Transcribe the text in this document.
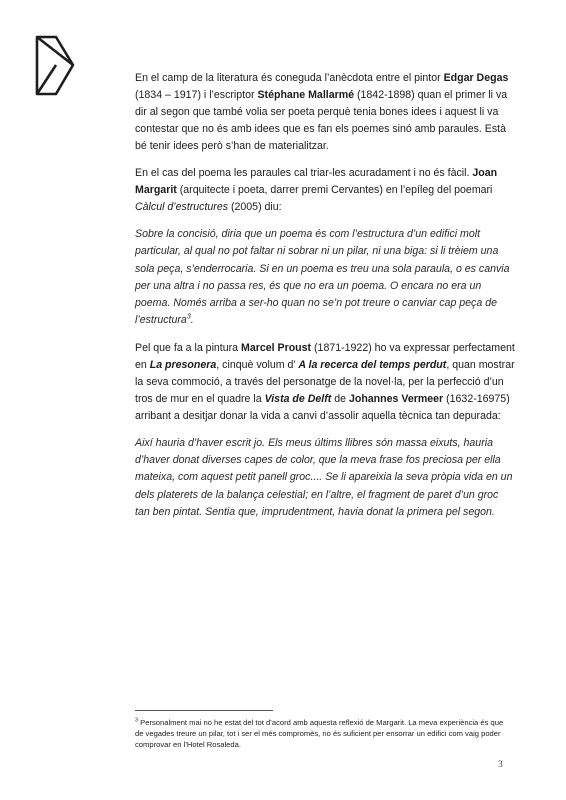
En el camp de la literatura és coneguda l’anècdota entre el pintor Edgar Degas (1834 – 1917) i l’escriptor Stéphane Mallarmé (1842-1898) quan el primer li va dir al segon que també volia ser poeta perquè tenia bones idees i aquest li va contestar que no és amb idees que es fan els poemes sinó amb paraules. Està bé tenir idees però s’han de materialitzar.

En el cas del poema les paraules cal triar-les acuradament i no és fàcil. Joan Margarit (arquitecte i poeta, darrer premi Cervantes) en l’epíleg del poemari Càlcul d’estructures (2005) diu:

Sobre la concisió, diria que un poema és com l’estructura d’un edifici molt particular, al qual no pot faltar ni sobrar ni un pilar, ni una biga: si li trèiem una sola peça, s’enderrocaria. Si en un poema es treu una sola paraula, o es canvia per una altra i no passa res, és que no era un poema. O encara no era un poema. Només arriba a ser-ho quan no se’n pot treure o canviar cap peça de l’estructura$^3$.

Pel que fa a la pintura Marcel Proust (1871-1922) ho va expressar perfectament en La presonera, cinquè volum d’ A la recerca del temps perdut, quan mostrar la seva commoció, a través del personatge de la novel·la, per la perfecció d’un tros de mur en el quadre la Vista de Delft de Johannes Vermeer (1632-16975) arribant a desitjar donar la vida a canvi d’assolir aquella tècnica tan depurada:

Així hauria d’haver escrit jo. Els meus últims llibres són massa eixuts, hauria d’haver donat diverses capes de color, que la meva frase fos preciosa per ella mateixa, com aquest petit panell groc.... Se li apareixia la seva pròpia vida en un dels platerets de la balança celestial; en l’altre, el fragment de paret d’un groc tan ben pintat. Sentia que, imprudentment, havia donat la primera pel segon.

$^3$ Personalment mai no he estat del tot d’acord amb aquesta reflexió de Margarit. La meva experiència és que de vegades treure un pilar, tot i ser el més compromès, no és suficient per ensorrar un edifici com vaig poder comprovar en l’Hotel Rosaleda.
3
